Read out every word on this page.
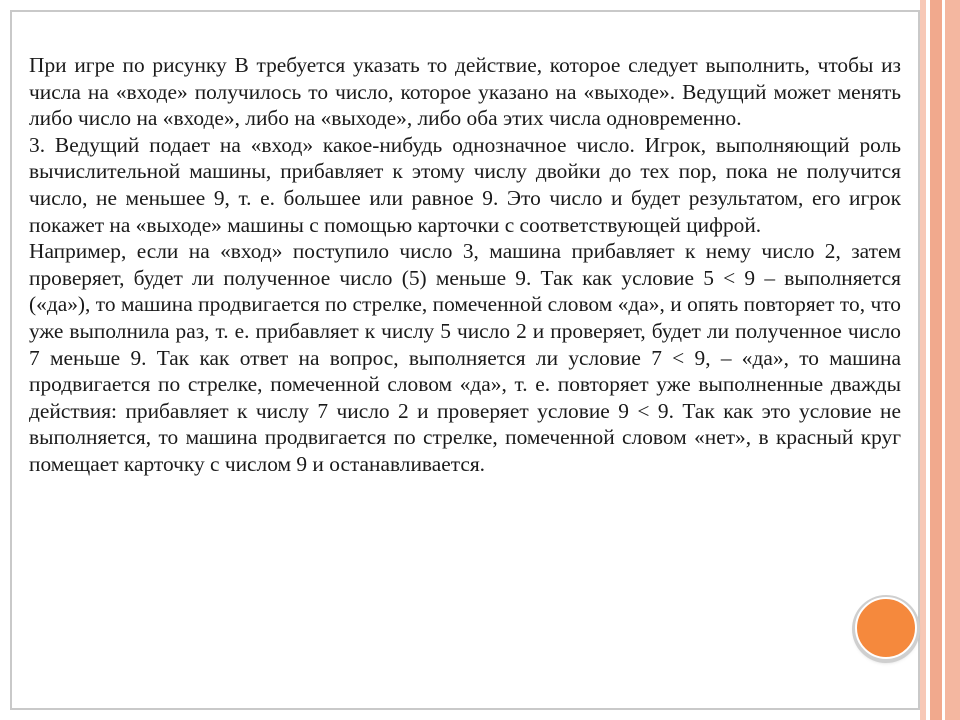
При игре по рисунку В требуется указать то действие, которое следует выполнить, чтобы из числа на «входе» получилось то число, которое указано на «выходе». Ведущий может менять либо число на «входе», либо на «выходе», либо оба этих числа одновременно.

3. Ведущий подает на «вход» какое-нибудь однозначное число. Игрок, выполняющий роль вычислительной машины, прибавляет к этому числу двойки до тех пор, пока не получится число, не меньшее 9, т. е. большее или равное 9. Это число и будет результатом, его игрок покажет на «выходе» машины с помощью карточки с соответствующей цифрой.

Например, если на «вход» поступило число 3, машина прибавляет к нему число 2, затем проверяет, будет ли полученное число (5) меньше 9. Так как условие 5 < 9 – выполняется («да»), то машина продвигается по стрелке, помеченной словом «да», и опять повторяет то, что уже выполнила раз, т. е. прибавляет к числу 5 число 2 и проверяет, будет ли полученное число 7 меньше 9. Так как ответ на вопрос, выполняется ли условие 7 < 9, – «да», то машина продвигается по стрелке, помеченной словом «да», т. е. повторяет уже выполненные дважды действия: прибавляет к числу 7 число 2 и проверяет условие 9 < 9. Так как это условие не выполняется, то машина продвигается по стрелке, помеченной словом «нет», в красный круг помещает карточку с числом 9 и останавливается.
